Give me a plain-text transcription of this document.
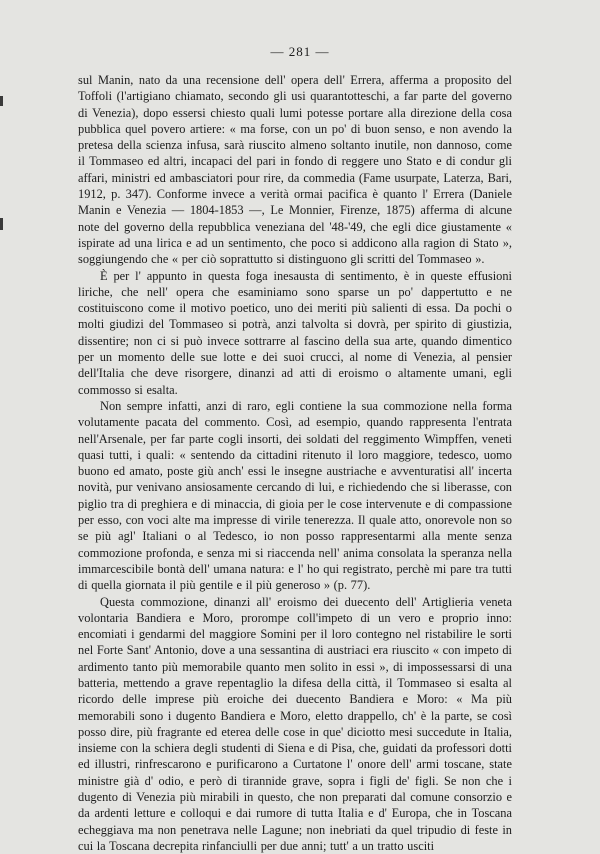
— 281 —

sul Manin, nato da una recensione dell' opera dell' Errera, afferma a proposito del Toffoli (l'artigiano chiamato, secondo gli usi quarantotteschi, a far parte del governo di Venezia), dopo essersi chiesto quali lumi potesse portare alla direzione della cosa pubblica quel povero artiere: « ma forse, con un po' di buon senso, e non avendo la pretesa della scienza infusa, sarà riuscito almeno soltanto inutile, non dannoso, come il Tommaseo ed altri, incapaci del pari in fondo di reggere uno Stato e di condur gli affari, ministri ed ambasciatori pour rire, da commedia (Fame usurpate, Laterza, Bari, 1912, p. 347). Conforme invece a verità ormai pacifica è quanto l' Errera (Daniele Manin e Venezia — 1804-1853 —, Le Monnier, Firenze, 1875) afferma di alcune note del governo della repubblica veneziana del '48-'49, che egli dice giustamente « ispirate ad una lirica e ad un sentimento, che poco si addicono alla ragion di Stato », soggiungendo che « per ciò soprattutto si distinguono gli scritti del Tommaseo ».

È per l' appunto in questa foga inesausta di sentimento, è in queste effusioni liriche, che nell' opera che esaminiamo sono sparse un po' dappertutto e ne costituiscono come il motivo poetico, uno dei meriti più salienti di essa. Da pochi o molti giudizi del Tommaseo si potrà, anzi talvolta si dovrà, per spirito di giustizia, dissentire; non ci si può invece sottrarre al fascino della sua arte, quando dimentico per un momento delle sue lotte e dei suoi crucci, al nome di Venezia, al pensier dell'Italia che deve risorgere, dinanzi ad atti di eroismo o altamente umani, egli commosso si esalta.

Non sempre infatti, anzi di raro, egli contiene la sua commozione nella forma volutamente pacata del commento. Così, ad esempio, quando rappresenta l'entrata nell'Arsenale, per far parte cogli insorti, dei soldati del reggimento Wimpffen, veneti quasi tutti, i quali: « sentendo da cittadini ritenuto il loro maggiore, tedesco, uomo buono ed amato, poste giù anch' essi le insegne austriache e avventuratisi all' incerta novità, pur venivano ansiosamente cercando di lui, e richiedendo che si liberasse, con piglio tra di preghiera e di minaccia, di gioia per le cose intervenute e di compassione per esso, con voci alte ma impresse di virile tenerezza. Il quale atto, onorevole non so se più agl' Italiani o al Tedesco, io non posso rappresentarmi alla mente senza commozione profonda, e senza mi si riaccenda nell' anima consolata la speranza nella immarcescibile bontà dell' umana natura: e l' ho qui registrato, perchè mi pare tra tutti di quella giornata il più gentile e il più generoso » (p. 77).

Questa commozione, dinanzi all' eroismo dei duecento dell' Artiglieria veneta volontaria Bandiera e Moro, prorompe coll'impeto di un vero e proprio inno: encomiati i gendarmi del maggiore Somini per il loro contegno nel ristabilire le sorti nel Forte Sant' Antonio, dove a una sessantina di austriaci era riuscito « con impeto di ardimento tanto più memorabile quanto men solito in essi », di impossessarsi di una batteria, mettendo a grave repentaglio la difesa della città, il Tommaseo si esalta al ricordo delle imprese più eroiche dei duecento Bandiera e Moro: « Ma più memorabili sono i dugento Bandiera e Moro, eletto drappello, ch' è la parte, se così posso dire, più fragrante ed eterea delle cose in que' diciotto mesi succedute in Italia, insieme con la schiera degli studenti di Siena e di Pisa, che, guidati da professori dotti ed illustri, rinfrescarono e purificarono a Curtatone l' onore dell' armi toscane, state ministre già d' odio, e però di tirannide grave, sopra i figli de' figli. Se non che i dugento di Venezia più mirabili in questo, che non preparati dal comune consorzio e da ardenti letture e colloqui e dai rumore di tutta Italia e d' Europa, che in Toscana echeggiava ma non penetrava nelle Lagune; non inebriati da quel tripudio di feste in cui la Toscana decrepita rinfanciulli per due anni; tutt' a un tratto usciti
